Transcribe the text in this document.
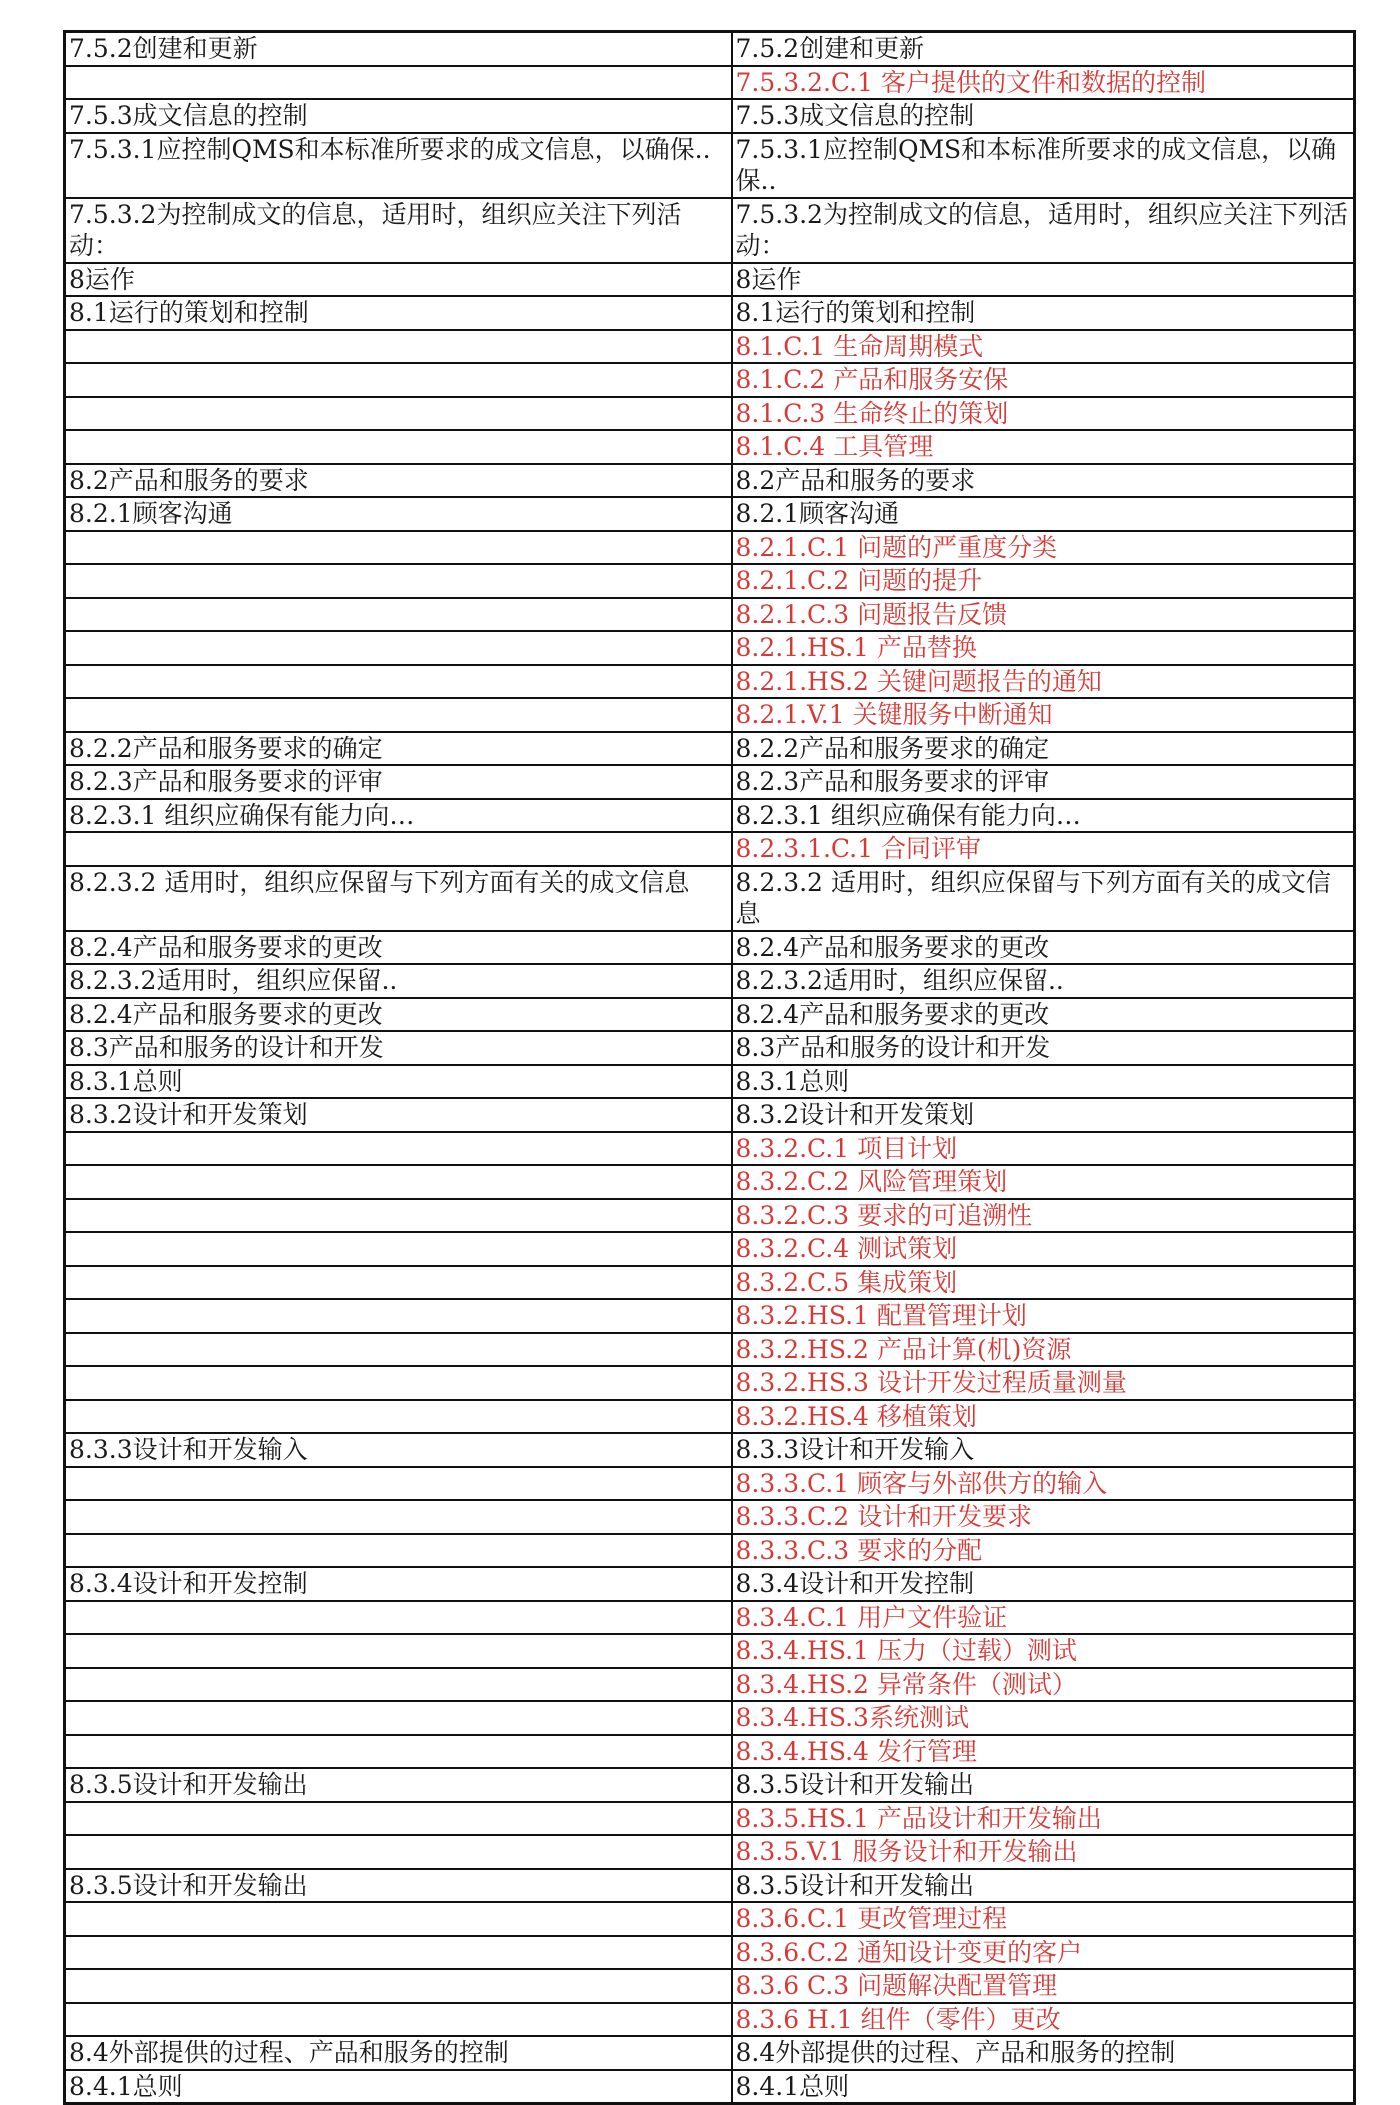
7.5.2创建和更新	7.5.2创建和更新
	7.5.3.2.C.1 客户提供的文件和数据的控制
7.5.3成文信息的控制	7.5.3成文信息的控制
7.5.3.1应控制QMS和本标准所要求的成文信息，以确保..	7.5.3.1应控制QMS和本标准所要求的成文信息，以确保..
7.5.3.2为控制成文的信息，适用时，组织应关注下列活动：	7.5.3.2为控制成文的信息，适用时，组织应关注下列活动：
8运作	8运作
8.1运行的策划和控制	8.1运行的策划和控制
	8.1.C.1 生命周期模式
	8.1.C.2 产品和服务安保
	8.1.C.3 生命终止的策划
	8.1.C.4 工具管理
8.2产品和服务的要求	8.2产品和服务的要求
8.2.1顾客沟通	8.2.1顾客沟通
	8.2.1.C.1 问题的严重度分类
	8.2.1.C.2 问题的提升
	8.2.1.C.3 问题报告反馈
	8.2.1.HS.1 产品替换
	8.2.1.HS.2 关键问题报告的通知
	8.2.1.V.1 关键服务中断通知
8.2.2产品和服务要求的确定	8.2.2产品和服务要求的确定
8.2.3产品和服务要求的评审	8.2.3产品和服务要求的评审
8.2.3.1 组织应确保有能力向…	8.2.3.1 组织应确保有能力向…
	8.2.3.1.C.1 合同评审
8.2.3.2 适用时，组织应保留与下列方面有关的成文信息	8.2.3.2 适用时，组织应保留与下列方面有关的成文信息
8.2.4产品和服务要求的更改	8.2.4产品和服务要求的更改
8.2.3.2适用时，组织应保留..	8.2.3.2适用时，组织应保留..
8.2.4产品和服务要求的更改	8.2.4产品和服务要求的更改
8.3产品和服务的设计和开发	8.3产品和服务的设计和开发
8.3.1总则	8.3.1总则
8.3.2设计和开发策划	8.3.2设计和开发策划
	8.3.2.C.1 项目计划
	8.3.2.C.2 风险管理策划
	8.3.2.C.3 要求的可追溯性
	8.3.2.C.4 测试策划
	8.3.2.C.5 集成策划
	8.3.2.HS.1 配置管理计划
	8.3.2.HS.2 产品计算(机)资源
	8.3.2.HS.3 设计开发过程质量测量
	8.3.2.HS.4 移植策划
8.3.3设计和开发输入	8.3.3设计和开发输入
	8.3.3.C.1 顾客与外部供方的输入
	8.3.3.C.2 设计和开发要求
	8.3.3.C.3 要求的分配
8.3.4设计和开发控制	8.3.4设计和开发控制
	8.3.4.C.1 用户文件验证
	8.3.4.HS.1 压力（过载）测试
	8.3.4.HS.2 异常条件（测试）
	8.3.4.HS.3系统测试
	8.3.4.HS.4 发行管理
8.3.5设计和开发输出	8.3.5设计和开发输出
	8.3.5.HS.1 产品设计和开发输出
	8.3.5.V.1 服务设计和开发输出
8.3.5设计和开发输出	8.3.5设计和开发输出
	8.3.6.C.1 更改管理过程
	8.3.6.C.2 通知设计变更的客户
	8.3.6 C.3 问题解决配置管理
	8.3.6 H.1 组件（零件）更改
8.4外部提供的过程、产品和服务的控制	8.4外部提供的过程、产品和服务的控制
8.4.1总则	8.4.1总则
